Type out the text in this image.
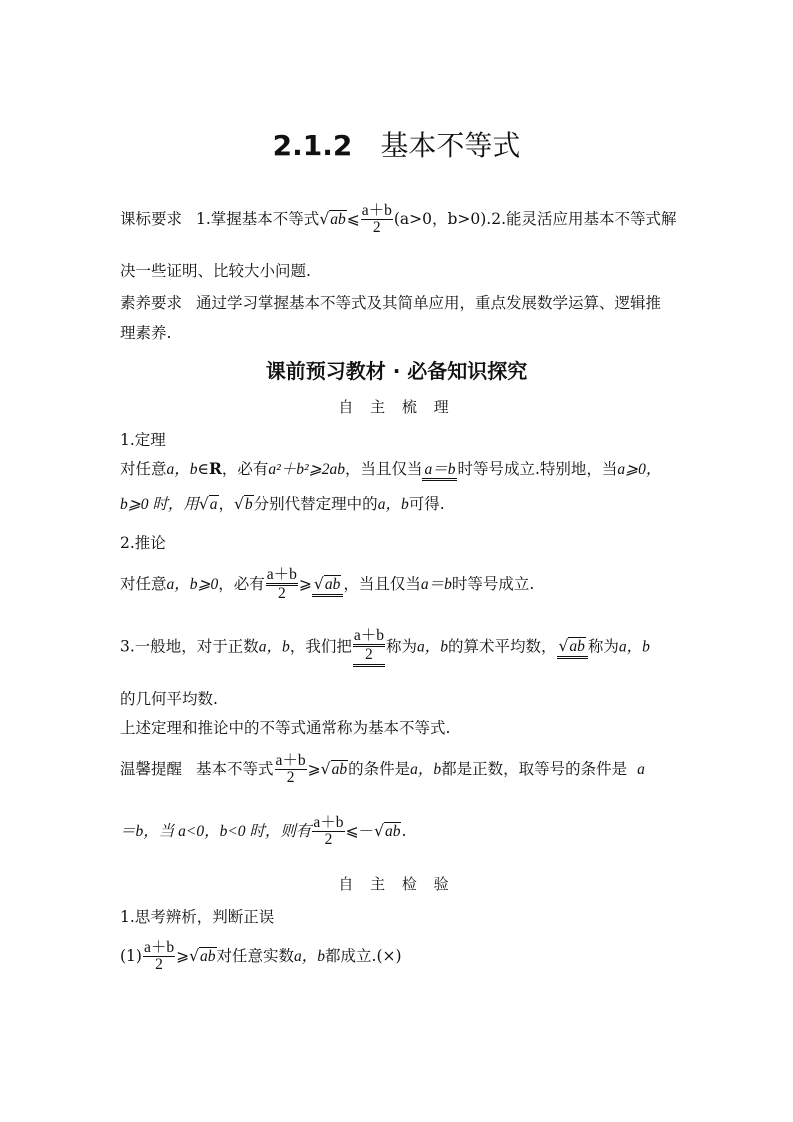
2.1.2 基本不等式
课标要求 1.掌握基本不等式√ab⩽ $\frac{a+b}{2} (a>0$，b>0).2.能灵活应用基本不等式解
决一些证明、比较大小问题.
素养要求 通过学习掌握基本不等式及其简单应用，重点发展数学运算、逻辑推
理素养.
课前预习教材 · 必备知识探究
自 主 梳 理
1.定理
对任意a，b∈R，必有a²＋b²⩾2ab，当且仅当 a＝b 时等号成立.特别地，当a⩾0，
b⩾0 时，用√a，√b分别代替定理中的a，b可得.
2.推论
对任意a，b⩾0，必有 $\frac{a+b}{2}$ ⩾ √ab ，当且仅当a＝b时等号成立.
3.一般地，对于正数a，b，我们把 $\frac{a+b}{2}$ 称为a，b的算术平均数， √ab 称为a，b
的几何平均数.
上述定理和推论中的不等式通常称为基本不等式.
温馨提醒 基本不等式 $\frac{a+b}{2}$ ⩾√ab的条件是a，b都是正数，取等号的条件是 a
＝b，当 a<0，b<0 时，则有 $\frac{a+b}{2}$ ⩽－√ab.
自 主 检 验
1.思考辨析，判断正误
$(1) \frac{a+b}{2}$ ⩾√ab对任意实数a，b都成立.(×)
